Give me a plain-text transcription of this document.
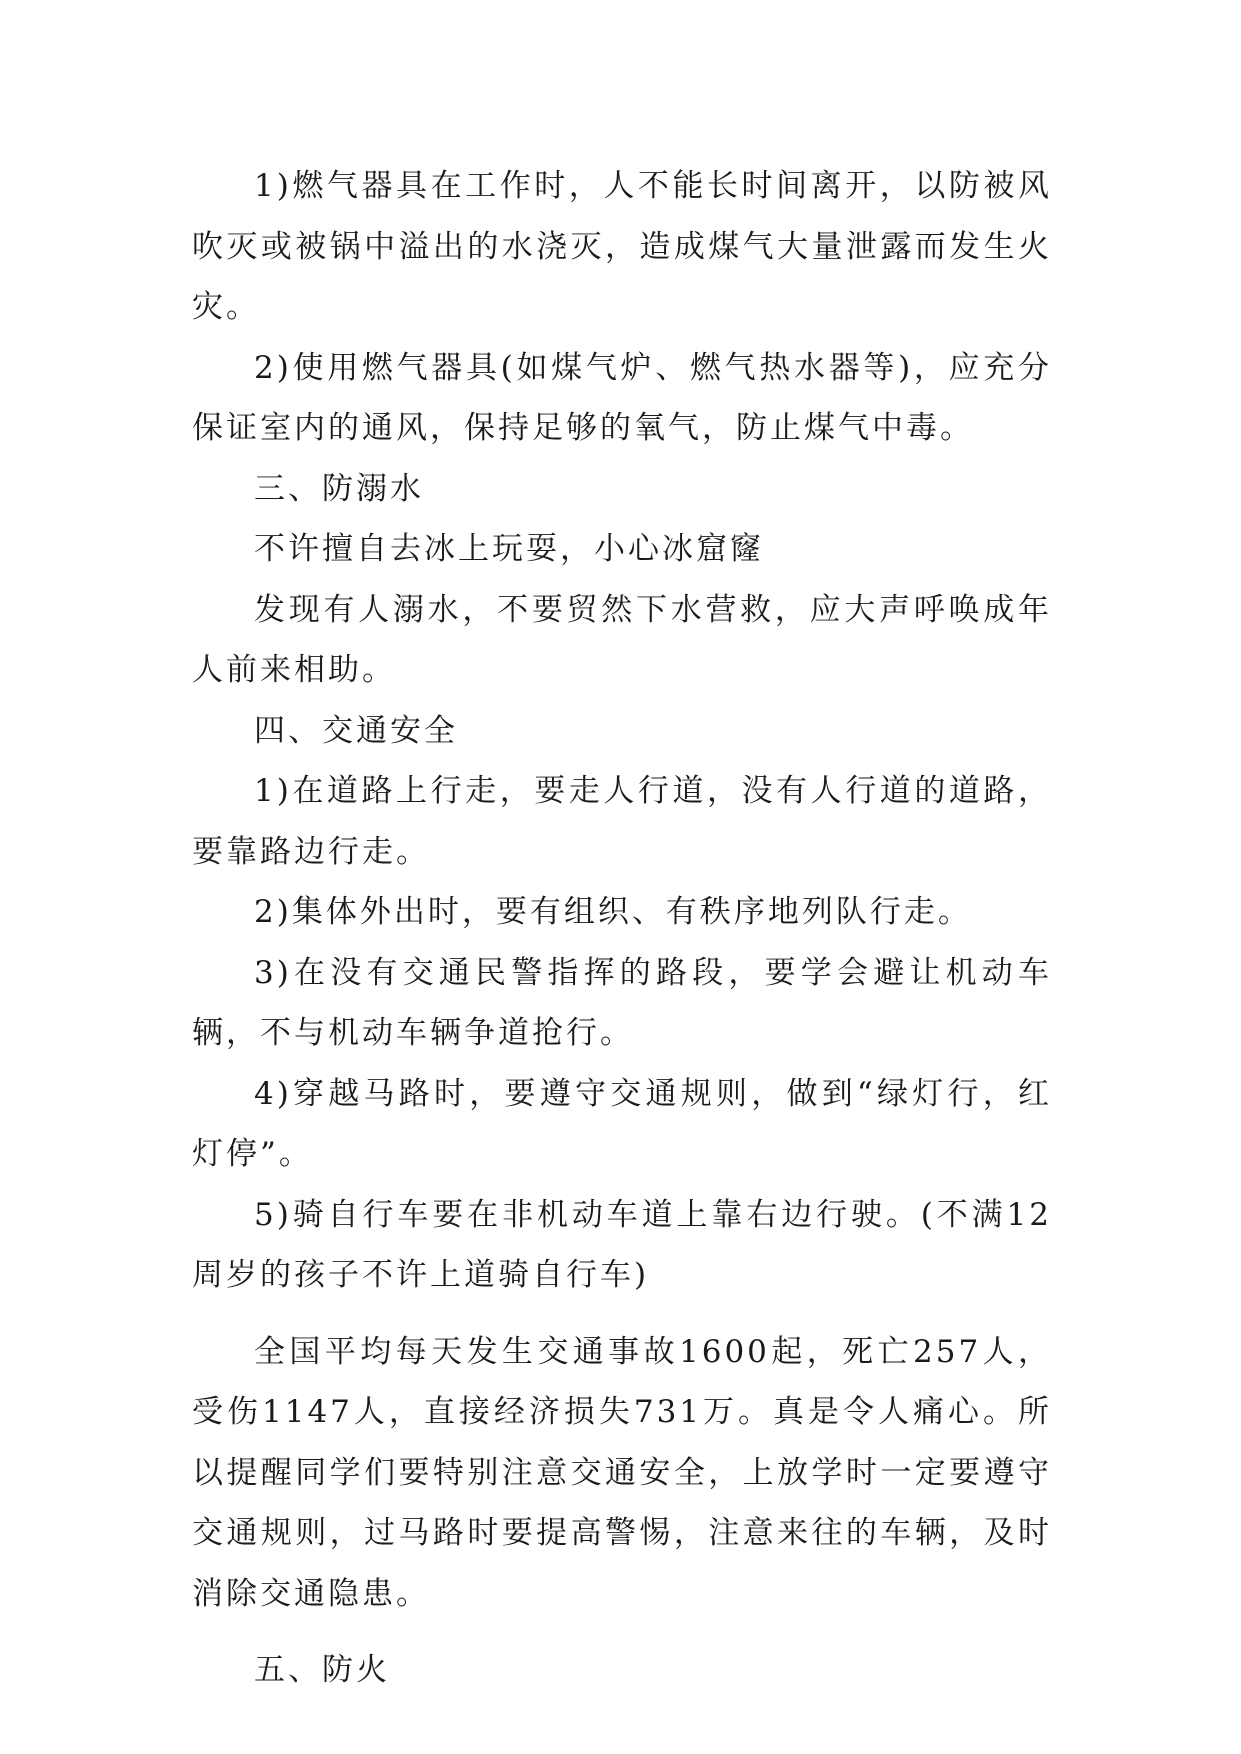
1)燃气器具在工作时，人不能长时间离开，以防被风吹灭或被锅中溢出的水浇灭，造成煤气大量泄露而发生火灾。

2)使用燃气器具(如煤气炉、燃气热水器等)，应充分保证室内的通风，保持足够的氧气，防止煤气中毒。

三、防溺水

不许擅自去冰上玩耍，小心冰窟窿

发现有人溺水，不要贸然下水营救，应大声呼唤成年人前来相助。

四、交通安全

1)在道路上行走，要走人行道，没有人行道的道路，要靠路边行走。

2)集体外出时，要有组织、有秩序地列队行走。

3)在没有交通民警指挥的路段，要学会避让机动车辆，不与机动车辆争道抢行。

4)穿越马路时，要遵守交通规则，做到“绿灯行，红灯停”。

5)骑自行车要在非机动车道上靠右边行驶。(不满12周岁的孩子不许上道骑自行车)

全国平均每天发生交通事故1600起，死亡257人，受伤1147人，直接经济损失731万。真是令人痛心。所以提醒同学们要特别注意交通安全，上放学时一定要遵守交通规则，过马路时要提高警惕，注意来往的车辆，及时消除交通隐患。

五、防火
